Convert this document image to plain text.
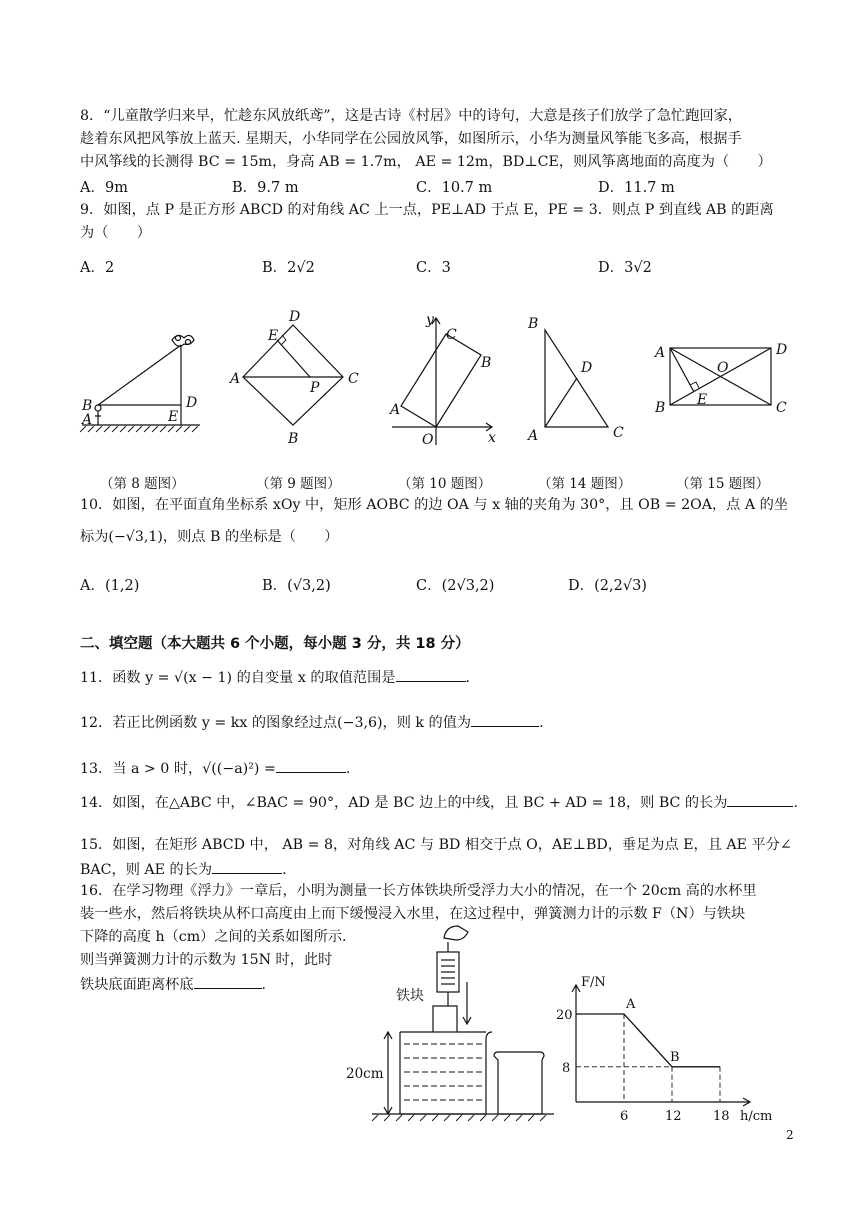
8．“儿童散学归来早，忙趁东风放纸鸢”，这是古诗《村居》中的诗句，大意是孩子们放学了急忙跑回家，
趁着东风把风筝放上蓝天. 星期天，小华同学在公园放风筝，如图所示，小华为测量风筝能飞多高，根据手
中风筝线的长测得 BC = 15m，身高 AB = 1.7m， AE = 12m，BD⊥CE，则风筝离地面的高度为（　　）
A．9m	B．9.7 m	C．10.7 m	D．11.7 m
9．如图，点 P 是正方形 ABCD 的对角线 AC 上一点，PE⊥AD 于点 E，PE = 3．则点 P 到直线 AB 的距离
为（　　）
A．2	B．2√2	C．3	D．3√2
B
A
D
E
D
E
A
P
C
B
y
C
B
A
O	x
B
D
A	C
A	D
O
B E	C
（第 8 题图）	（第 9 题图）	（第 10 题图）	（第 14 题图）	（第 15 题图）
10．如图，在平面直角坐标系 xOy 中，矩形 AOBC 的边 OA 与 x 轴的夹角为 30°，且 OB = 2OA，点 A 的坐
标为(−√3,1)，则点 B 的坐标是（　　）
A．(1,2)	B．(√3,2)	C．(2√3,2)	D．(2,2√3)
二、填空题（本大题共 6 个小题，每小题 3 分，共 18 分）
11．函数 y = √(x − 1) 的自变量 x 的取值范围是	.
12．若正比例函数 y = kx 的图象经过点(−3,6)，则 k 的值为	.
13．当 a > 0 时，√((−a)²) =	.
14．如图，在△ABC 中，∠BAC = 90°，AD 是 BC 边上的中线，且 BC + AD = 18，则 BC 的长为	.
15．如图，在矩形 ABCD 中， AB = 8，对角线 AC 与 BD 相交于点 O，AE⊥BD，垂足为点 E，且 AE 平分∠
BAC，则 AE 的长为	.
16．在学习物理《浮力》一章后，小明为测量一长方体铁块所受浮力大小的情况，在一个 20cm 高的水杯里
装一些水，然后将铁块从杯口高度由上而下缓慢浸入水里，在这过程中，弹簧测力计的示数 F（N）与铁块
下降的高度 h（cm）之间的关系如图所示.
则当弹簧测力计的示数为 15N 时，此时
铁块底面距离杯底	.
铁块
20cm
F/N
h/cm
6	12 18
20
8
A
B
2
